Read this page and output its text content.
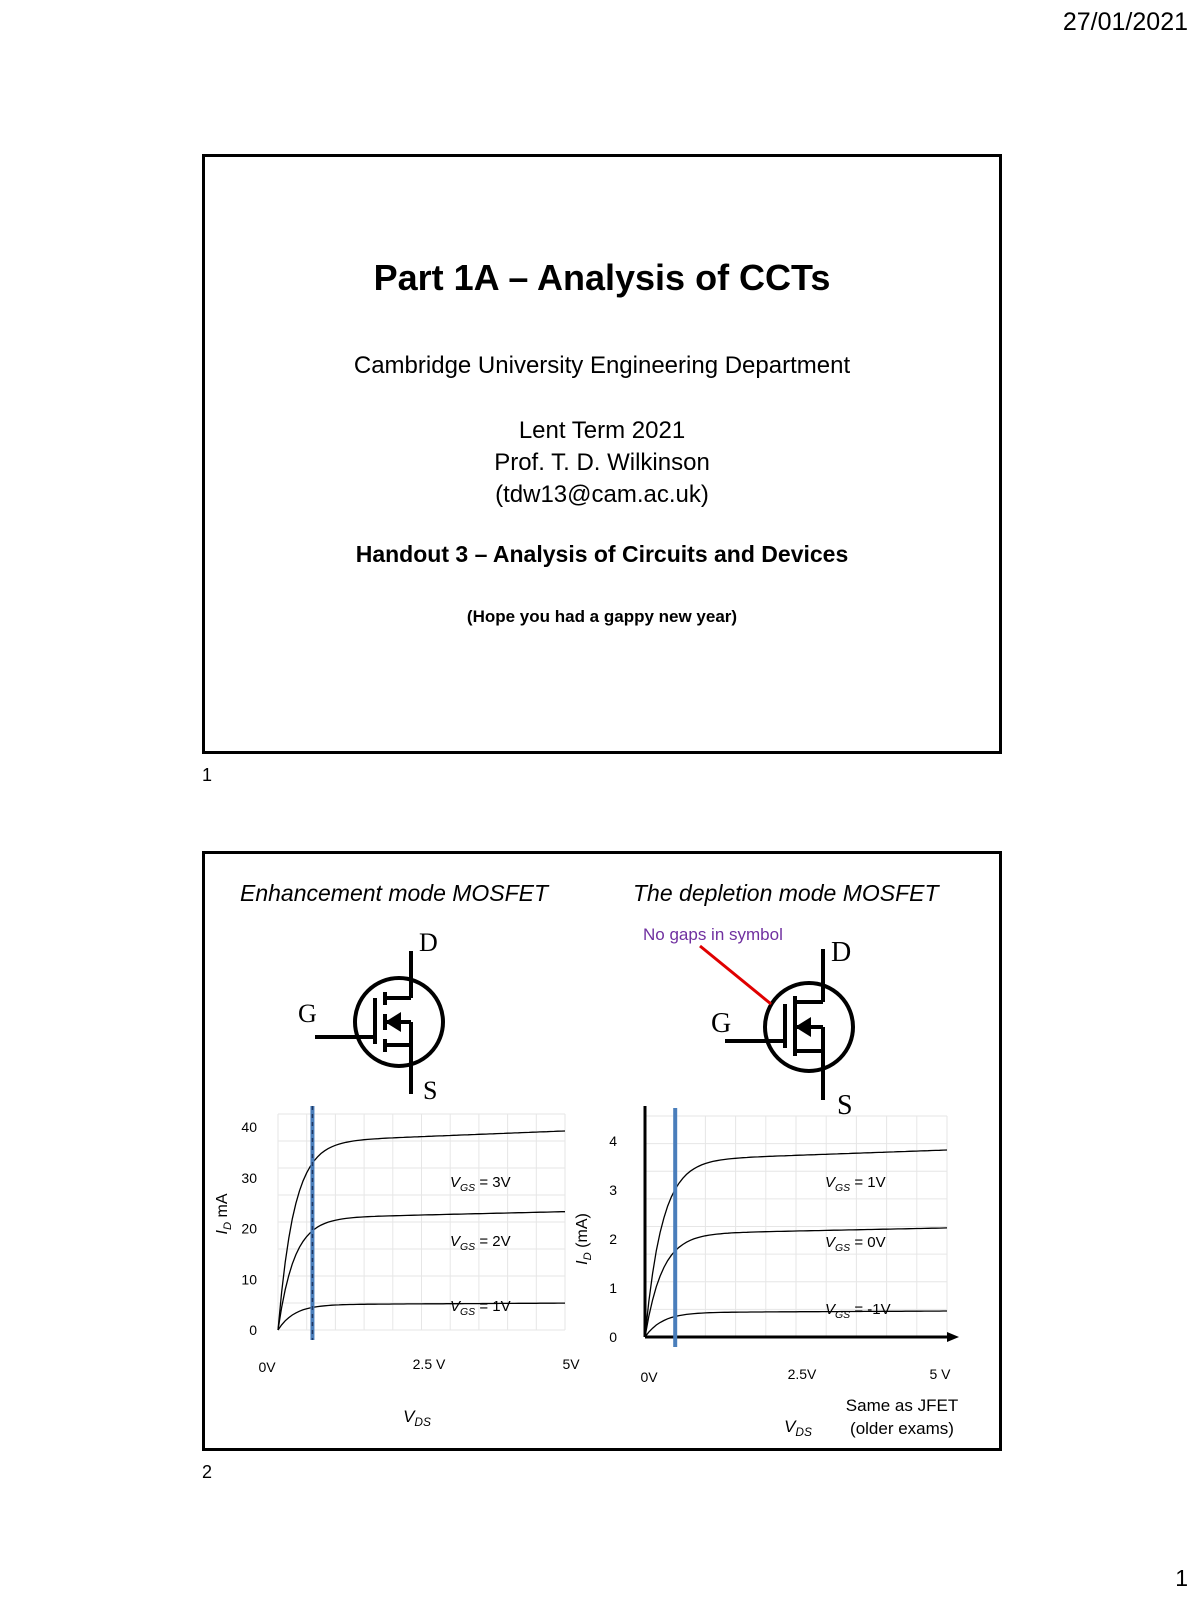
27/01/2021
Part 1A – Analysis of CCTs
Cambridge University Engineering Department
Lent Term 2021
Prof. T. D. Wilkinson
(tdw13@cam.ac.uk)
Handout 3 – Analysis of Circuits and Devices
(Hope you had a gappy new year)
1
Enhancement mode MOSFET	The depletion mode MOSFET
D
G
S
D
G
S
No gaps in symbol
$V_{GS} = 3V$
$V_{GS} = 2V$
$V_{GS} = 1V$
0
10
20
30
40
0V	2.5 V	5V
$V_{DS}$
$I_D$ mA
$V_{GS} = 1V$
$V_{GS} = 0V$
$V_{GS} = -1V$
0
1
2
3
4
0V	2.5V	5 V
$V_{DS}$
$I_D$ (mA)
Same as JFET
(older exams)
2
1
